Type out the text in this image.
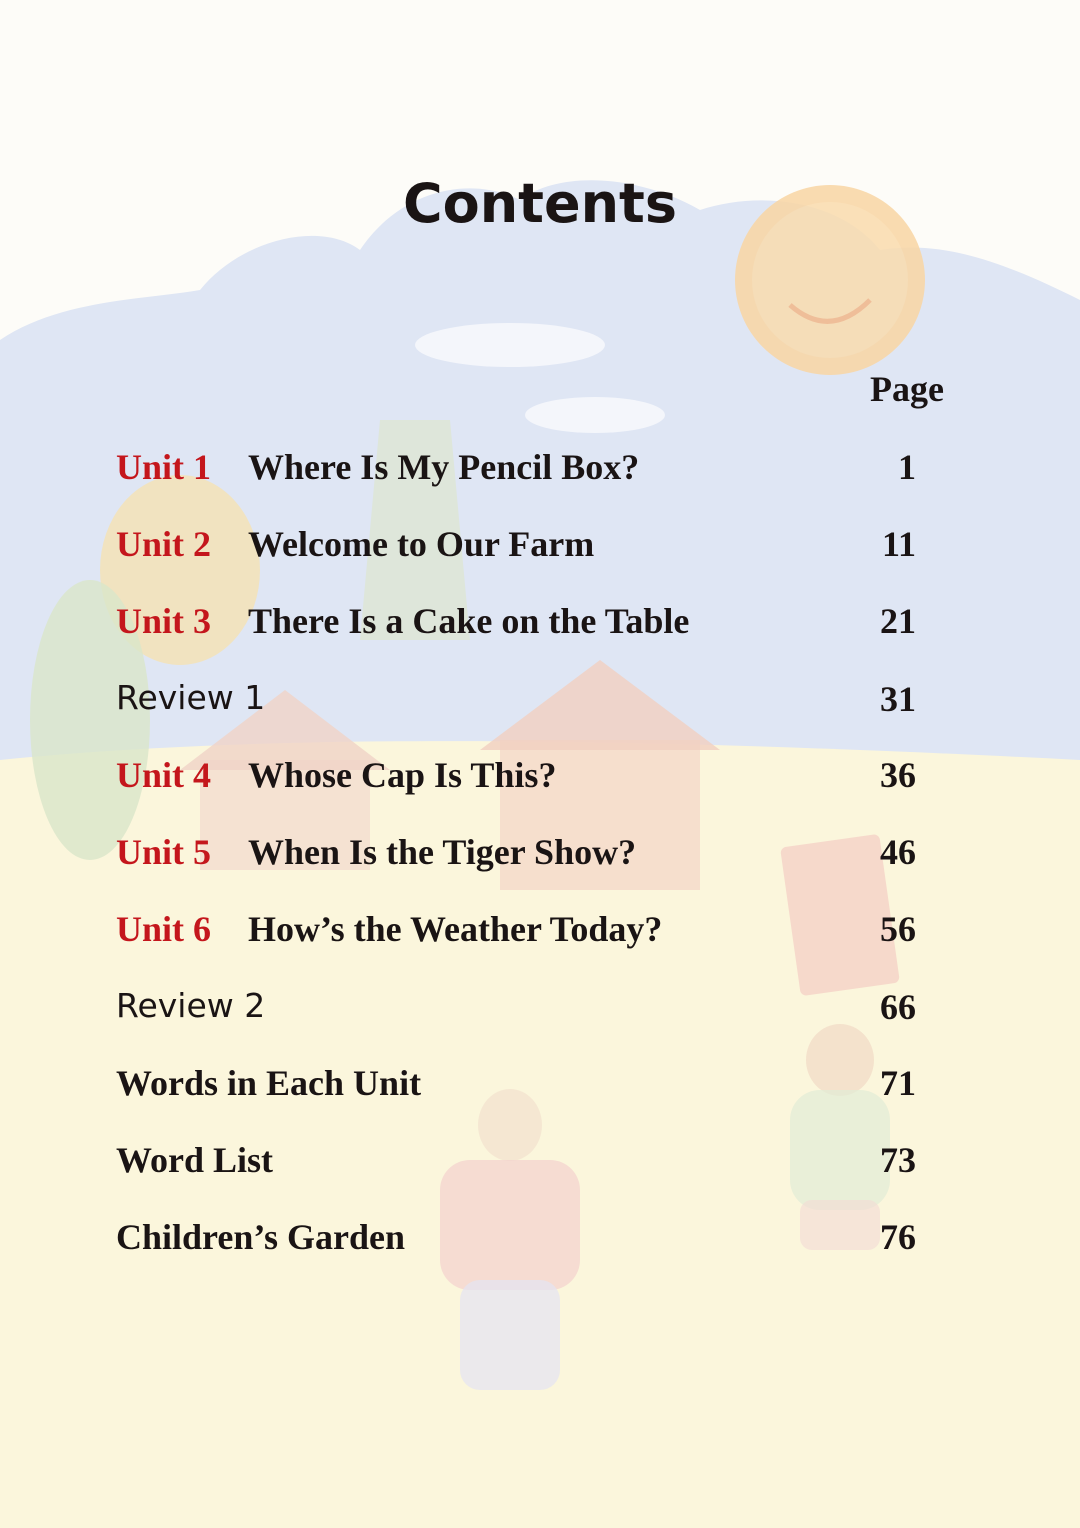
Contents
Page
Unit 1 Where Is My Pencil Box?	1
Unit 2 Welcome to Our Farm	11
Unit 3 There Is a Cake on the Table	21
Review 1	31
Unit 4 Whose Cap Is This?	36
Unit 5 When Is the Tiger Show?	46
Unit 6 How’s the Weather Today?	56
Review 2	66
Words in Each Unit	71
Word List	73
Children’s Garden	76
